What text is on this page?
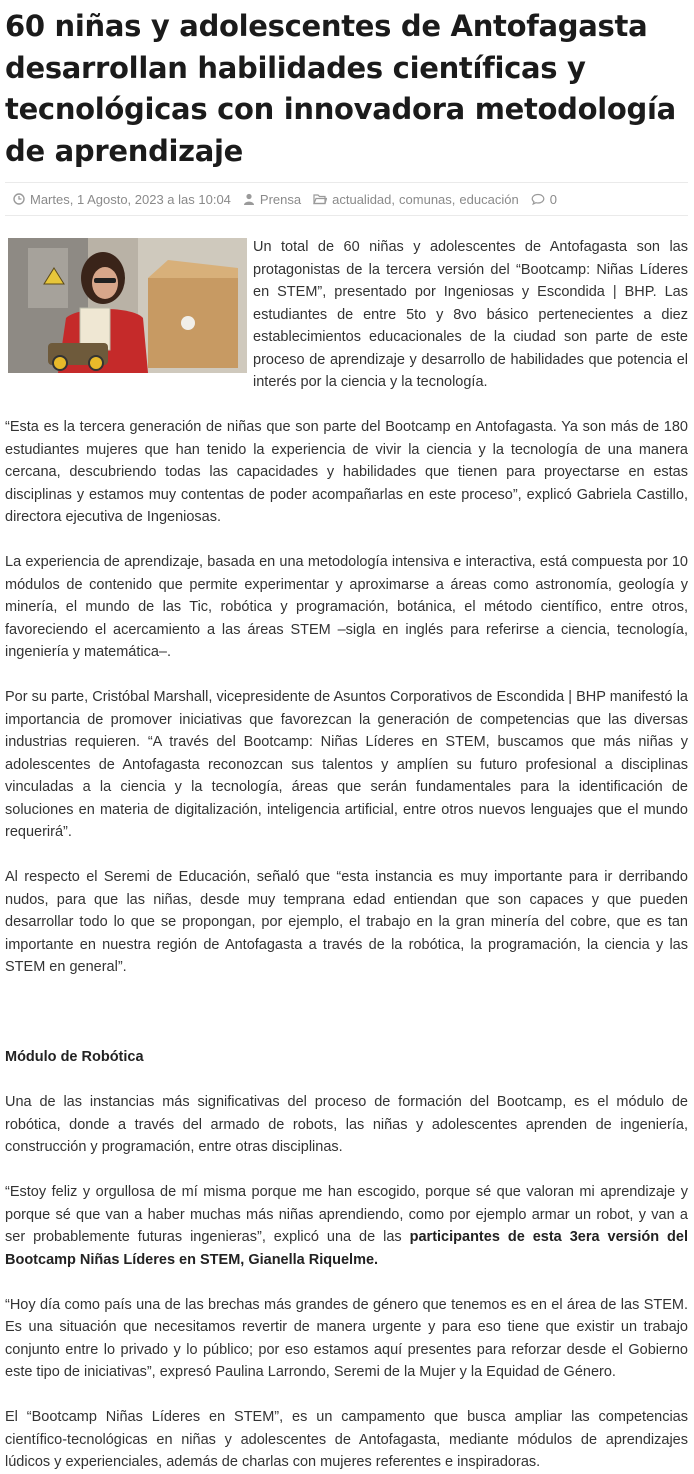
60 niñas y adolescentes de Antofagasta desarrollan habilidades científicas y tecnológicas con innovadora metodología de aprendizaje
Martes, 1 Agosto, 2023 a las 10:04 Prensa actualidad , comunas , educación 0

Un total de 60 niñas y adolescentes de Antofagasta son las protagonistas de la tercera versión del “Bootcamp: Niñas Líderes en STEM”, presentado por Ingeniosas y Escondida | BHP. Las estudiantes de entre 5to y 8vo básico pertenecientes a diez establecimientos educacionales de la ciudad son parte de este proceso de aprendizaje y desarrollo de habilidades que potencia el interés por la ciencia y la tecnología.

“Esta es la tercera generación de niñas que son parte del Bootcamp en Antofagasta. Ya son más de 180 estudiantes mujeres que han tenido la experiencia de vivir la ciencia y la tecnología de una manera cercana, descubriendo todas las capacidades y habilidades que tienen para proyectarse en estas disciplinas y estamos muy contentas de poder acompañarlas en este proceso”, explicó Gabriela Castillo, directora ejecutiva de Ingeniosas.

La experiencia de aprendizaje, basada en una metodología intensiva e interactiva, está compuesta por 10 módulos de contenido que permite experimentar y aproximarse a áreas como astronomía, geología y minería, el mundo de las Tic, robótica y programación, botánica, el método científico, entre otros, favoreciendo el acercamiento a las áreas STEM –sigla en inglés para referirse a ciencia, tecnología, ingeniería y matemática–.

Por su parte, Cristóbal Marshall, vicepresidente de Asuntos Corporativos de Escondida | BHP manifestó la importancia de promover iniciativas que favorezcan la generación de competencias que las diversas industrias requieren. “A través del Bootcamp: Niñas Líderes en STEM, buscamos que más niñas y adolescentes de Antofagasta reconozcan sus talentos y amplíen su futuro profesional a disciplinas vinculadas a la ciencia y la tecnología, áreas que serán fundamentales para la identificación de soluciones en materia de digitalización, inteligencia artificial, entre otros nuevos lenguajes que el mundo requerirá”.

Al respecto el Seremi de Educación, señaló que “esta instancia es muy importante para ir derribando nudos, para que las niñas, desde muy temprana edad entiendan que son capaces y que pueden desarrollar todo lo que se propongan, por ejemplo, el trabajo en la gran minería del cobre, que es tan importante en nuestra región de Antofagasta a través de la robótica, la programación, la ciencia y las STEM en general”.

Módulo de Robótica

Una de las instancias más significativas del proceso de formación del Bootcamp, es el módulo de robótica, donde a través del armado de robots, las niñas y adolescentes aprenden de ingeniería, construcción y programación, entre otras disciplinas.

“Estoy feliz y orgullosa de mí misma porque me han escogido, porque sé que valoran mi aprendizaje y porque sé que van a haber muchas más niñas aprendiendo, como por ejemplo armar un robot, y van a ser probablemente futuras ingenieras”, explicó una de las participantes de esta 3era versión del Bootcamp Niñas Líderes en STEM, Gianella Riquelme.

“Hoy día como país una de las brechas más grandes de género que tenemos es en el área de las STEM. Es una situación que necesitamos revertir de manera urgente y para eso tiene que existir un trabajo conjunto entre lo privado y lo público; por eso estamos aquí presentes para reforzar desde el Gobierno este tipo de iniciativas”, expresó Paulina Larrondo, Seremi de la Mujer y la Equidad de Género.

El “Bootcamp Niñas Líderes en STEM”, es un campamento que busca ampliar las competencias científico-tecnológicas en niñas y adolescentes de Antofagasta, mediante módulos de aprendizajes lúdicos y experienciales, además de charlas con mujeres referentes e inspiradoras.
